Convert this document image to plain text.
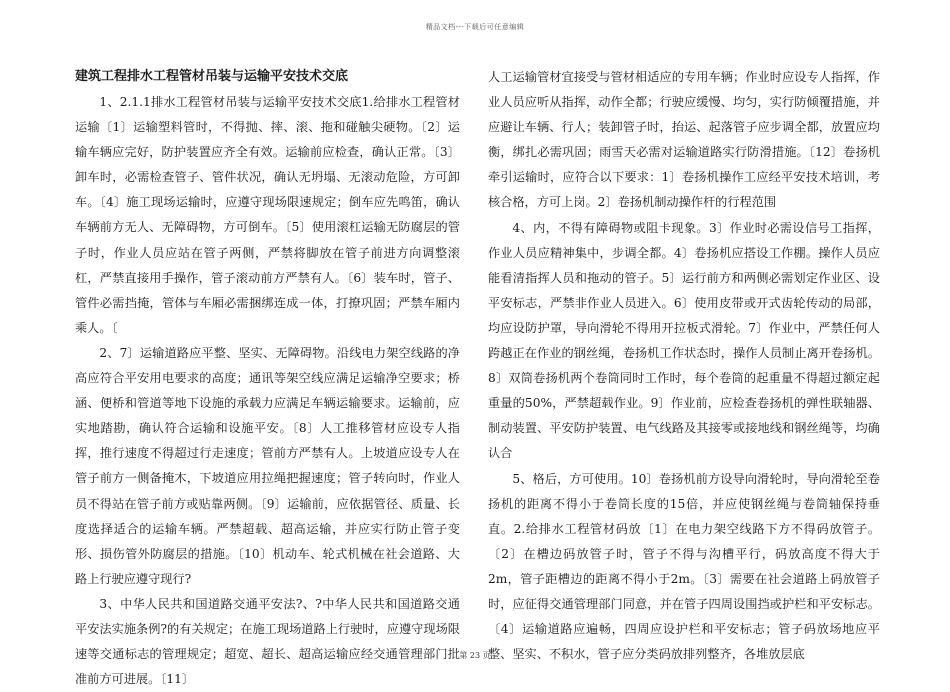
精品文档---下载后可任意编辑

建筑工程排水工程管材吊装与运输平安技术交底

1、2.1.1排水工程管材吊装与运输平安技术交底1.给排水工程管材运输〔1〕运输塑料管时，不得抛、摔、滚、拖和碰触尖硬物。〔2〕运输车辆应完好，防护装置应齐全有效。运输前应检查，确认正常。〔3〕卸车时，必需检查管子、管件状况，确认无坍塌、无滚动危险，方可卸车。〔4〕施工现场运输时，应遵守现场限速规定；倒车应先鸣笛，确认车辆前方无人、无障碍物，方可倒车。〔5〕使用滚杠运输无防腐层的管子时，作业人员应站在管子两侧，严禁将脚放在管子前进方向调整滚杠，严禁直接用手操作，管子滚动前方严禁有人。〔6〕装车时，管子、管件必需挡掩，管体与车厢必需捆绑连成一体，打撩巩固；严禁车厢内乘人。〔

2、7〕运输道路应平整、坚实、无障碍物。沿线电力架空线路的净高应符合平安用电要求的高度；通讯等架空线应满足运输净空要求；桥涵、便桥和管道等地下设施的承载力应满足车辆运输要求。运输前，应实地踏勘，确认符合运输和设施平安。〔8〕人工推移管材应设专人指挥，推行速度不得超过行走速度；管前方严禁有人。上坡道应设专人在管子前方一侧备掩木，下坡道应用拉绳把握速度；管子转向时，作业人员不得站在管子前方或贴靠两侧。〔9〕运输前，应依据管径、质量、长度选择适合的运输车辆。严禁超载、超高运输，并应实行防止管子变形、损伤管外防腐层的措施。〔10〕机动车、轮式机械在社会道路、大路上行驶应遵守现行?

3、中华人民共和国道路交通平安法?、?中华人民共和国道路交通平安法实施条例?的有关规定；在施工现场道路上行驶时，应遵守现场限速等交通标志的管理规定；超宽、超长、超高运输应经交通管理部门批准前方可进展。〔11〕

人工运输管材宜接受与管材相适应的专用车辆；作业时应设专人指挥，作业人员应听从指挥，动作全都；行驶应缓慢、均匀，实行防倾覆措施，并应避让车辆、行人；装卸管子时，抬运、起落管子应步调全都，放置应均衡，绑扎必需巩固；雨雪天必需对运输道路实行防滑措施。〔12〕卷扬机牵引运输时，应符合以下要求：1〕卷扬机操作工应经平安技术培训，考核合格，方可上岗。2〕卷扬机制动操作杆的行程范围

4、内，不得有障碍物或阻卡现象。3〕作业时必需设信号工指挥，作业人员应精神集中，步调全都。4〕卷扬机应搭设工作棚。操作人员应能看清指挥人员和拖动的管子。5〕运行前方和两侧必需划定作业区、设平安标志，严禁非作业人员进入。6〕使用皮带或开式齿轮传动的局部，均应设防护罩，导向滑轮不得用开拉板式滑轮。7〕作业中，严禁任何人跨越正在作业的钢丝绳，卷扬机工作状态时，操作人员制止离开卷扬机。8〕双筒卷扬机两个卷筒同时工作时，每个卷筒的起重量不得超过额定起重量的50%，严禁超载作业。9〕作业前，应检查卷扬机的弹性联轴器、制动装置、平安防护装置、电气线路及其接零或接地线和钢丝绳等，均确认合

5、格后，方可使用。10〕卷扬机前方设导向滑轮时，导向滑轮至卷扬机的距离不得小于卷筒长度的15倍，并应使钢丝绳与卷筒轴保持垂直。2.给排水工程管材码放〔1〕在电力架空线路下方不得码放管子。〔2〕在槽边码放管子时，管子不得与沟槽平行，码放高度不得大于2m，管子距槽边的距离不得小于2m。〔3〕需要在社会道路上码放管子时，应征得交通管理部门同意，并在管子四周设围挡或护栏和平安标志。〔4〕运输道路应遍畅，四周应设护栏和平安标志；管子码放场地应平整、坚实、不积水，管子应分类码放排列整齐，各堆放层底

第 23 页
